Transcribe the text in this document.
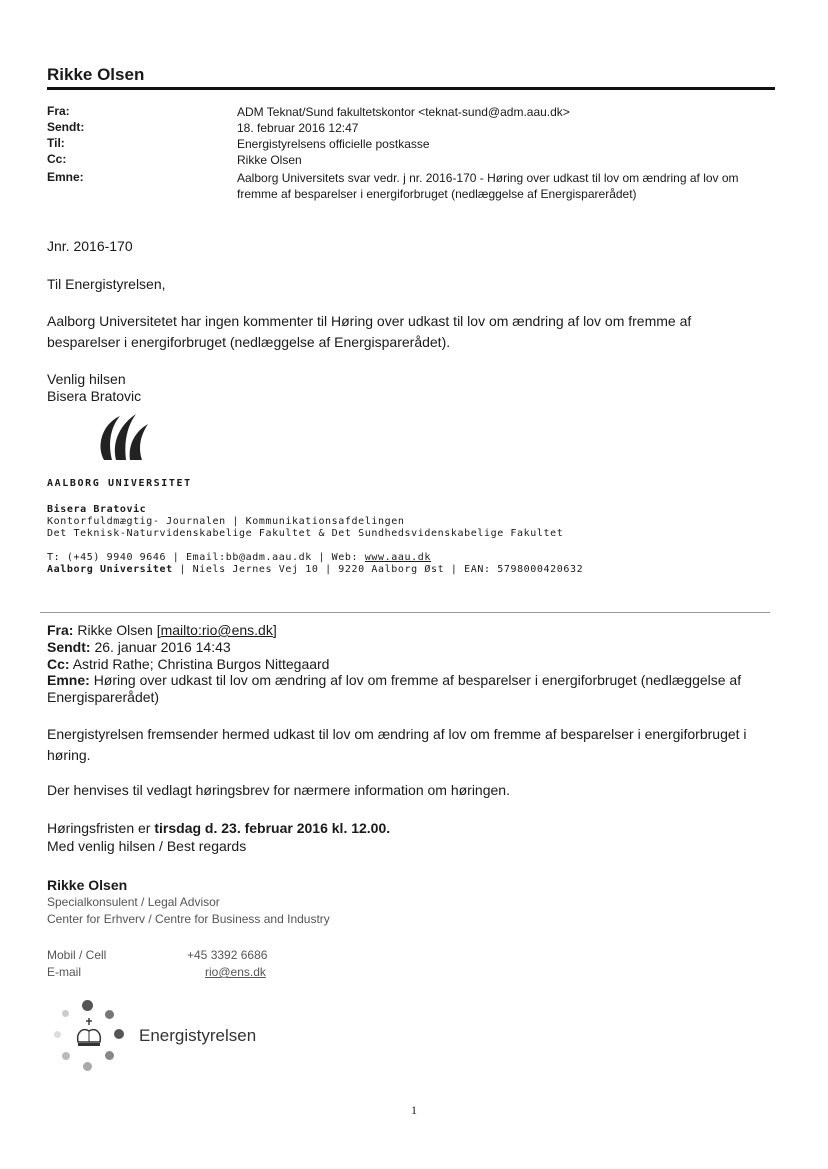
Rikke Olsen
Fra:	ADM Teknat/Sund fakultetskontor <teknat-sund@adm.aau.dk>
Sendt:	18. februar 2016 12:47
Til:	Energistyrelsens officielle postkasse
Cc:	Rikke Olsen
Emne:	Aalborg Universitets svar vedr. j nr. 2016-170 - Høring over udkast til lov om ændring af lov om fremme af besparelser i energiforbruget (nedlæggelse af Energisparerådet)
Jnr. 2016-170
Til Energistyrelsen,
Aalborg Universitetet har ingen kommenter til Høring over udkast til lov om ændring af lov om fremme af besparelser i energiforbruget (nedlæggelse af Energisparerådet).
Venlig hilsen
Bisera Bratovic
AALBORG UNIVERSITET
Bisera Bratovic
Kontorfuldmægtig- Journalen | Kommunikationsafdelingen
Det Teknisk-Naturvidenskabelige Fakultet & Det Sundhedsvidenskabelige Fakultet
T: (+45) 9940 9646 | Email:bb@adm.aau.dk | Web: www.aau.dk
Aalborg Universitet | Niels Jernes Vej 10 | 9220 Aalborg Øst | EAN: 5798000420632
Fra: Rikke Olsen [mailto:rio@ens.dk]
Sendt: 26. januar 2016 14:43
Cc: Astrid Rathe; Christina Burgos Nittegaard
Emne: Høring over udkast til lov om ændring af lov om fremme af besparelser i energiforbruget (nedlæggelse af Energisparerådet)
Energistyrelsen fremsender hermed udkast til lov om ændring af lov om fremme af besparelser i energiforbruget i høring.
Der henvises til vedlagt høringsbrev for nærmere information om høringen.
Høringsfristen er tirsdag d. 23. februar 2016 kl. 12.00.
Med venlig hilsen / Best regards
Rikke Olsen
Specialkonsulent / Legal Advisor
Center for Erhverv / Centre for Business and Industry
Mobil / Cell	+45 3392 6686
E-mail	rio@ens.dk
Energistyrelsen
1
